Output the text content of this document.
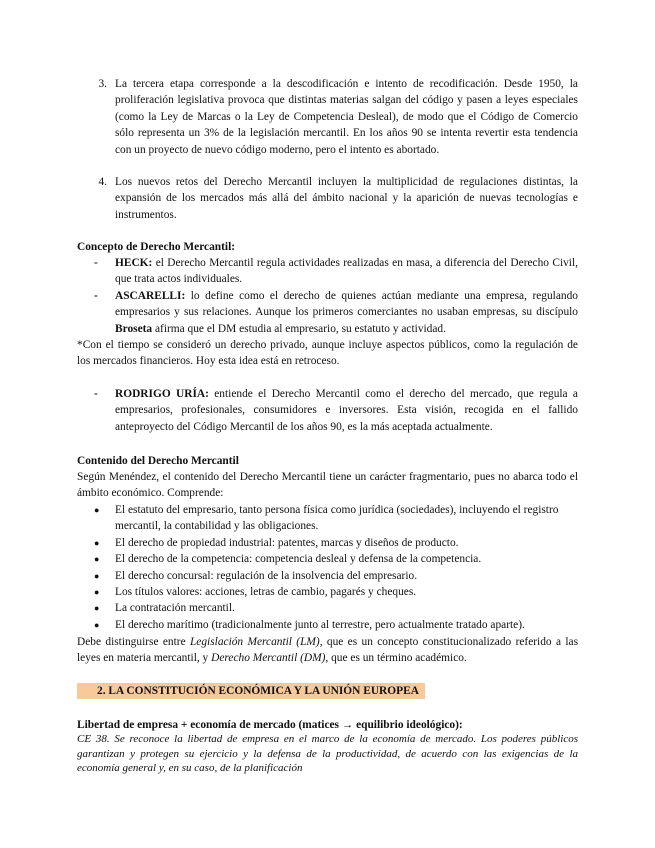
3. La tercera etapa corresponde a la descodificación e intento de recodificación. Desde 1950, la proliferación legislativa provoca que distintas materias salgan del código y pasen a leyes especiales (como la Ley de Marcas o la Ley de Competencia Desleal), de modo que el Código de Comercio sólo representa un 3% de la legislación mercantil. En los años 90 se intenta revertir esta tendencia con un proyecto de nuevo código moderno, pero el intento es abortado.
4. Los nuevos retos del Derecho Mercantil incluyen la multiplicidad de regulaciones distintas, la expansión de los mercados más allá del ámbito nacional y la aparición de nuevas tecnologías e instrumentos.
Concepto de Derecho Mercantil:
-	HECK: el Derecho Mercantil regula actividades realizadas en masa, a diferencia del Derecho Civil, que trata actos individuales.
-	ASCARELLI: lo define como el derecho de quienes actúan mediante una empresa, regulando empresarios y sus relaciones. Aunque los primeros comerciantes no usaban empresas, su discípulo Broseta afirma que el DM estudia al empresario, su estatuto y actividad.
*Con el tiempo se consideró un derecho privado, aunque incluye aspectos públicos, como la regulación de los mercados financieros. Hoy esta idea está en retroceso.
-	RODRIGO URÍA: entiende el Derecho Mercantil como el derecho del mercado, que regula a empresarios, profesionales, consumidores e inversores. Esta visión, recogida en el fallido anteproyecto del Código Mercantil de los años 90, es la más aceptada actualmente.
Contenido del Derecho Mercantil
Según Menéndez, el contenido del Derecho Mercantil tiene un carácter fragmentario, pues no abarca todo el ámbito económico. Comprende:
●	El estatuto del empresario, tanto persona física como jurídica (sociedades), incluyendo el registro mercantil, la contabilidad y las obligaciones.
●	El derecho de propiedad industrial: patentes, marcas y diseños de producto.
●	El derecho de la competencia: competencia desleal y defensa de la competencia.
●	El derecho concursal: regulación de la insolvencia del empresario.
●	Los títulos valores: acciones, letras de cambio, pagarés y cheques.
●	La contratación mercantil.
●	El derecho marítimo (tradicionalmente junto al terrestre, pero actualmente tratado aparte).
Debe distinguirse entre Legislación Mercantil (LM), que es un concepto constitucionalizado referido a las leyes en materia mercantil, y Derecho Mercantil (DM), que es un término académico.
2. LA CONSTITUCIÓN ECONÓMICA Y LA UNIÓN EUROPEA
Libertad de empresa + economía de mercado (matices → equilibrio ideológico):
CE 38. Se reconoce la libertad de empresa en el marco de la economía de mercado. Los poderes públicos garantizan y protegen su ejercicio y la defensa de la productividad, de acuerdo con las exigencias de la economía general y, en su caso, de la planificación
